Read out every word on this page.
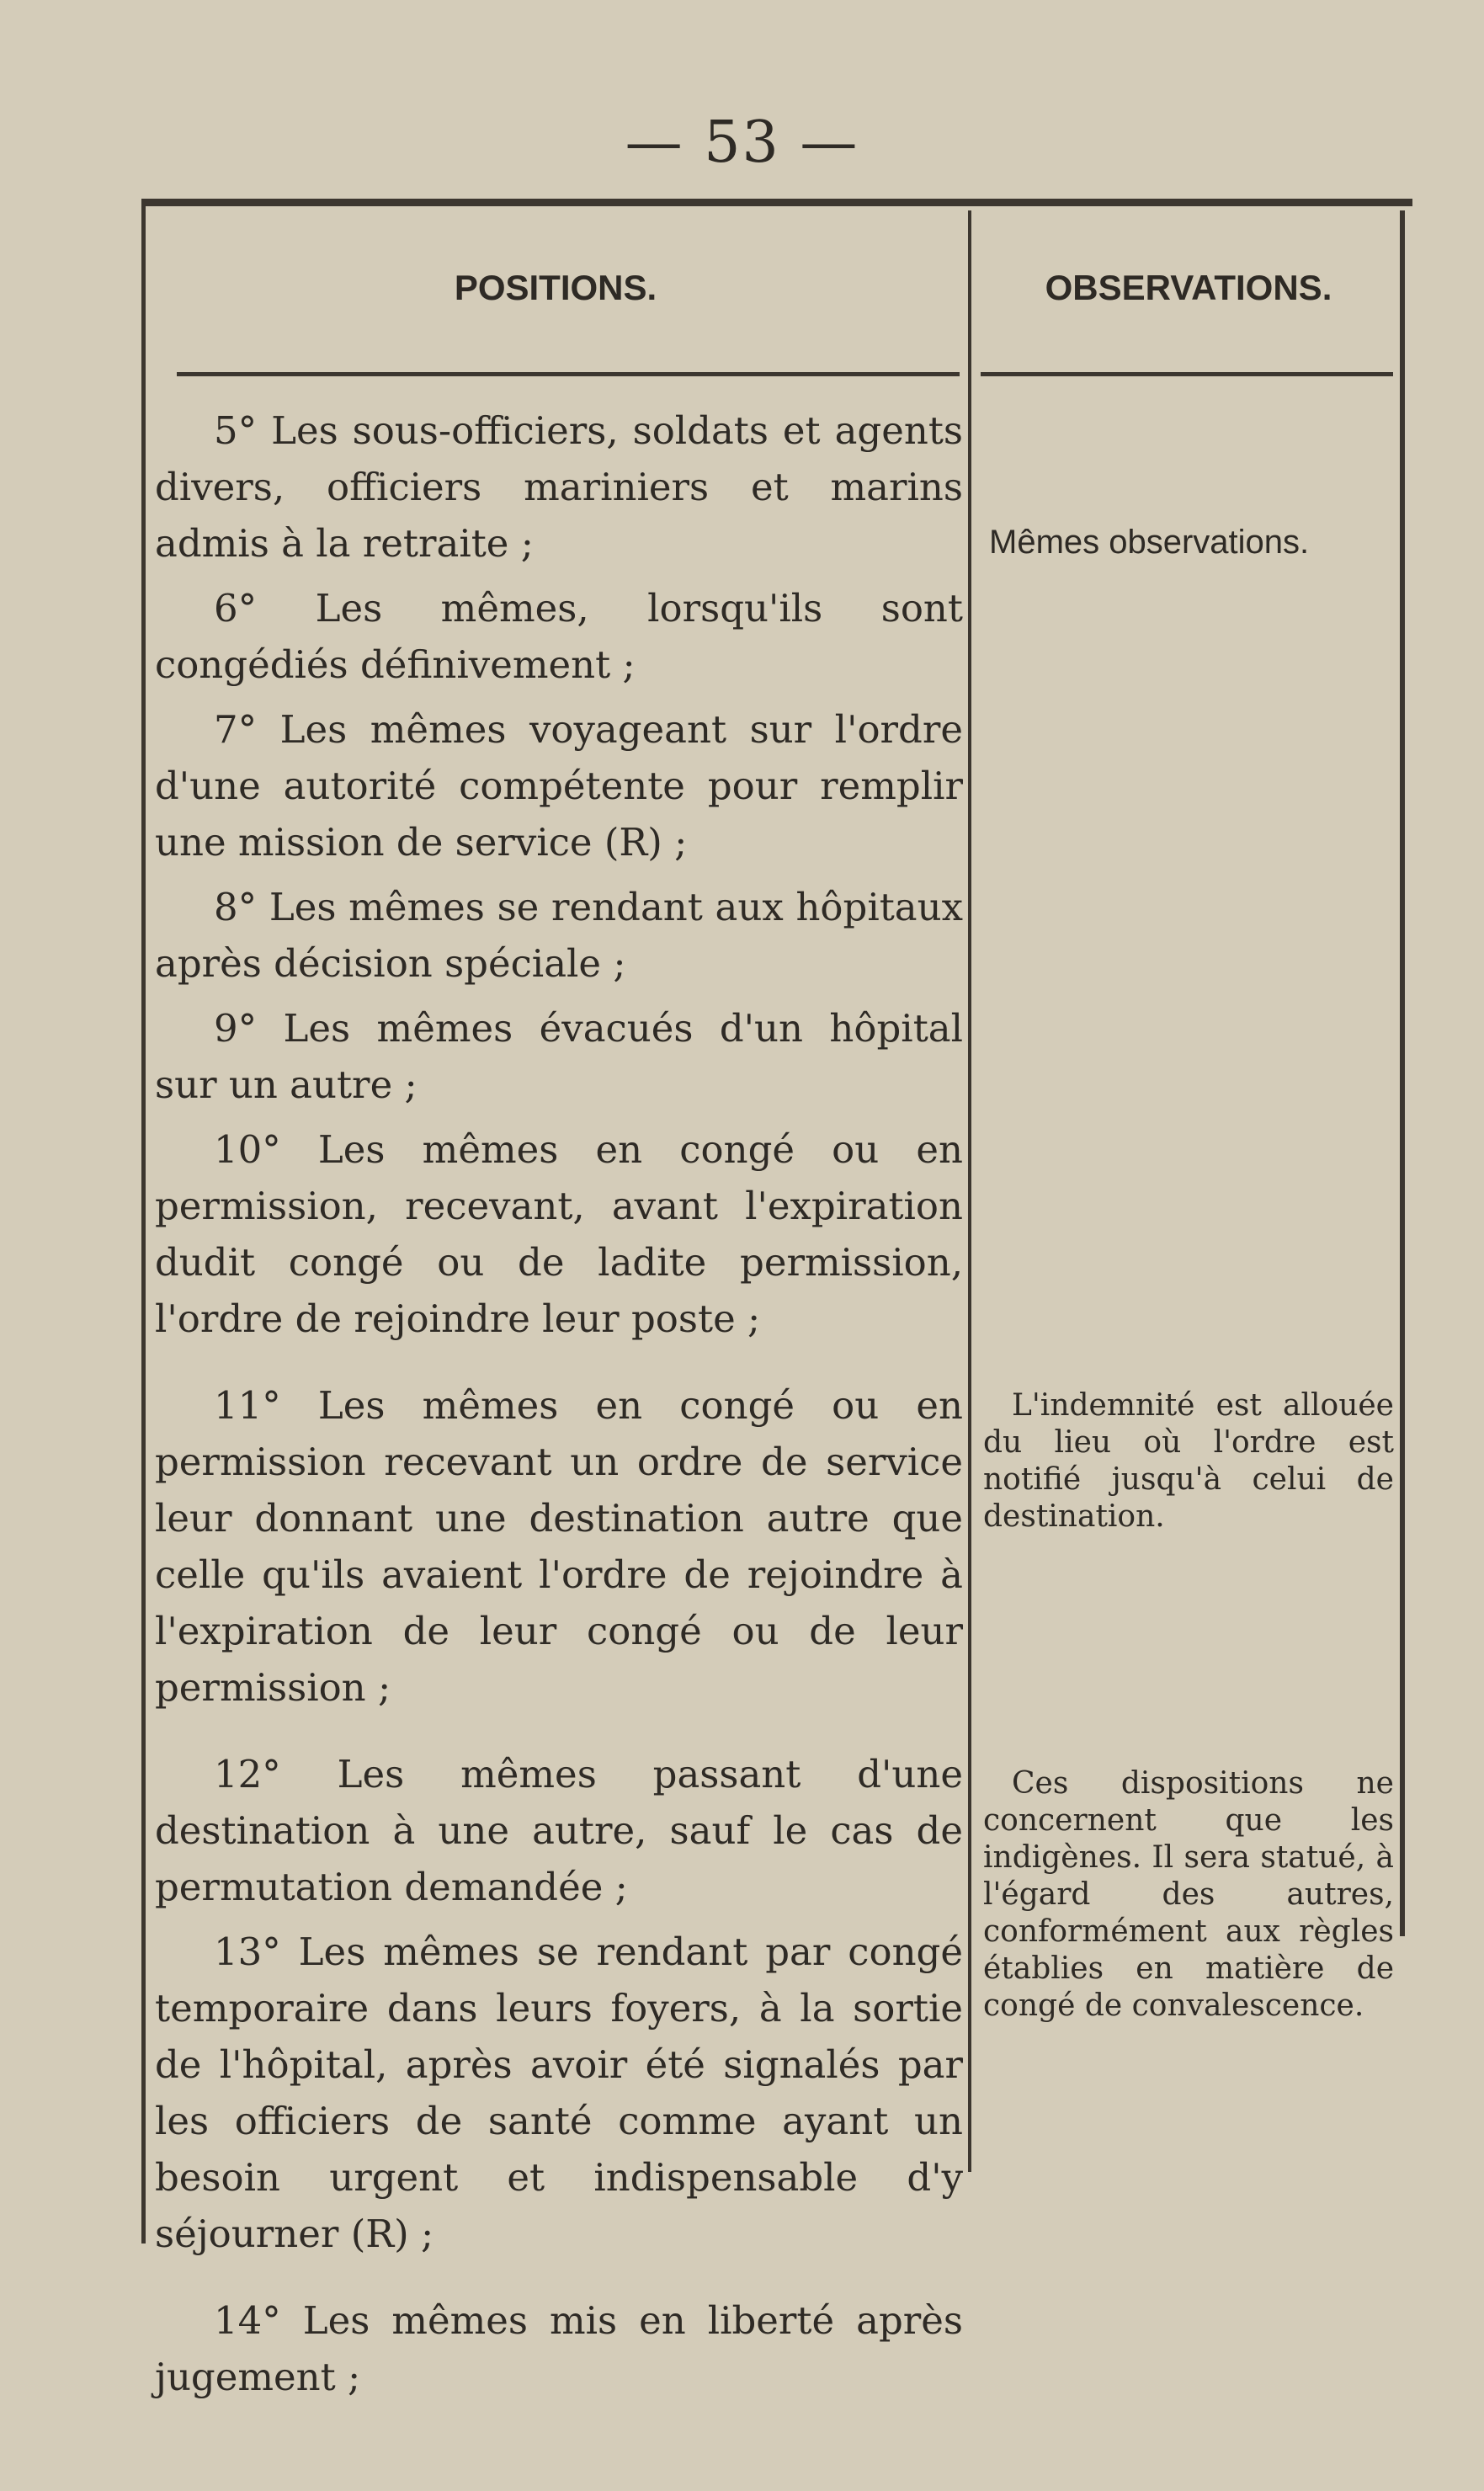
— 53 —
POSITIONS.	OBSERVATIONS.

5° Les sous-officiers, soldats et agents divers, officiers mariniers et marins admis à la retraite ;

6° Les mêmes, lorsqu'ils sont congédiés définivement ;

7° Les mêmes voyageant sur l'ordre d'une autorité compétente pour remplir une mission de service (R) ;

8° Les mêmes se rendant aux hôpitaux après décision spéciale ;

9° Les mêmes évacués d'un hôpital sur un autre ;

10° Les mêmes en congé ou en permission, recevant, avant l'expiration dudit congé ou de ladite permission, l'ordre de rejoindre leur poste ;

11° Les mêmes en congé ou en permission recevant un ordre de service leur donnant une destination autre que celle qu'ils avaient l'ordre de rejoindre à l'expiration de leur congé ou de leur permission ;

12° Les mêmes passant d'une destination à une autre, sauf le cas de permutation demandée ;

13° Les mêmes se rendant par congé temporaire dans leurs foyers, à la sortie de l'hôpital, après avoir été signalés par les officiers de santé comme ayant un besoin urgent et indispensable d'y séjourner (R) ;

14° Les mêmes mis en liberté après jugement ;

Mêmes observations.
L'indemnité est allouée du lieu où l'ordre est notifié jusqu'à celui de destination.
Ces dispositions ne concernent que les indigènes. Il sera statué, à l'égard des autres, conformément aux règles établies en matière de congé de convalescence.
